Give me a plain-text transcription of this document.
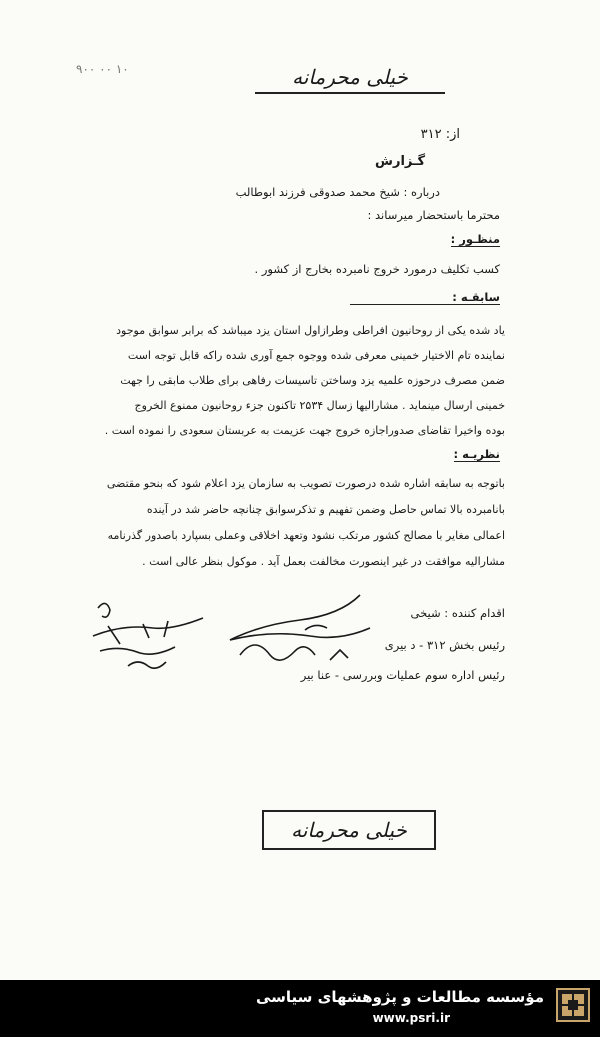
۹۰۰ ۰۰ ۱۰	خیلی محرمانه
از: ۳۱۲
گـزارش
درباره : شیخ محمد صدوقی فرزند ابوطالب
محترما باستحضار میرساند :
منظـور :
کسب تکلیف درمورد خروج نامبرده بخارج از کشور .
سابقـه :
یاد شده یکی از روحانیون افراطی وطرازاول استان یزد میباشد که برابر سوابق موجود
نماینده تام الاختیار خمینی معرفی شده ووجوه جمع آوری شده راکه قابل توجه است
ضمن مصرف درحوزه علمیه یزد وساختن تاسیسات رفاهی برای طلاب مابقی را جهت
خمینی ارسال مینماید . مشارالیها زسال ۲۵۳۴ تاکنون جزء روحانیون ممنوع الخروج
بوده واخیرا تقاضای صدوراجازه خروج جهت عزیمت به عربستان سعودی را نموده است .
نظریـه :
باتوجه به سابقه اشاره شده درصورت تصویب به سازمان یزد اعلام شود که بنحو مقتضی
بانامبرده بالا تماس حاصل وضمن تفهیم و تذکرسوابق چنانچه حاضر شد در آینده
اعمالی مغایر با مصالح کشور مرتکب نشود وتعهد اخلاقی وعملی بسپارد باصدور گذرنامه
مشارالیه موافقت در غیر اینصورت مخالفت بعمل آید . موکول بنظر عالی است .
اقدام کننده : شیخی
رئیس بخش ۳۱۲ - د بیری
رئیس اداره سوم عملیات وبررسی - عنا بیر
خیلی محرمانه
مؤسسه مطالعات و پژوهشهای سیاسی
www.psri.ir
